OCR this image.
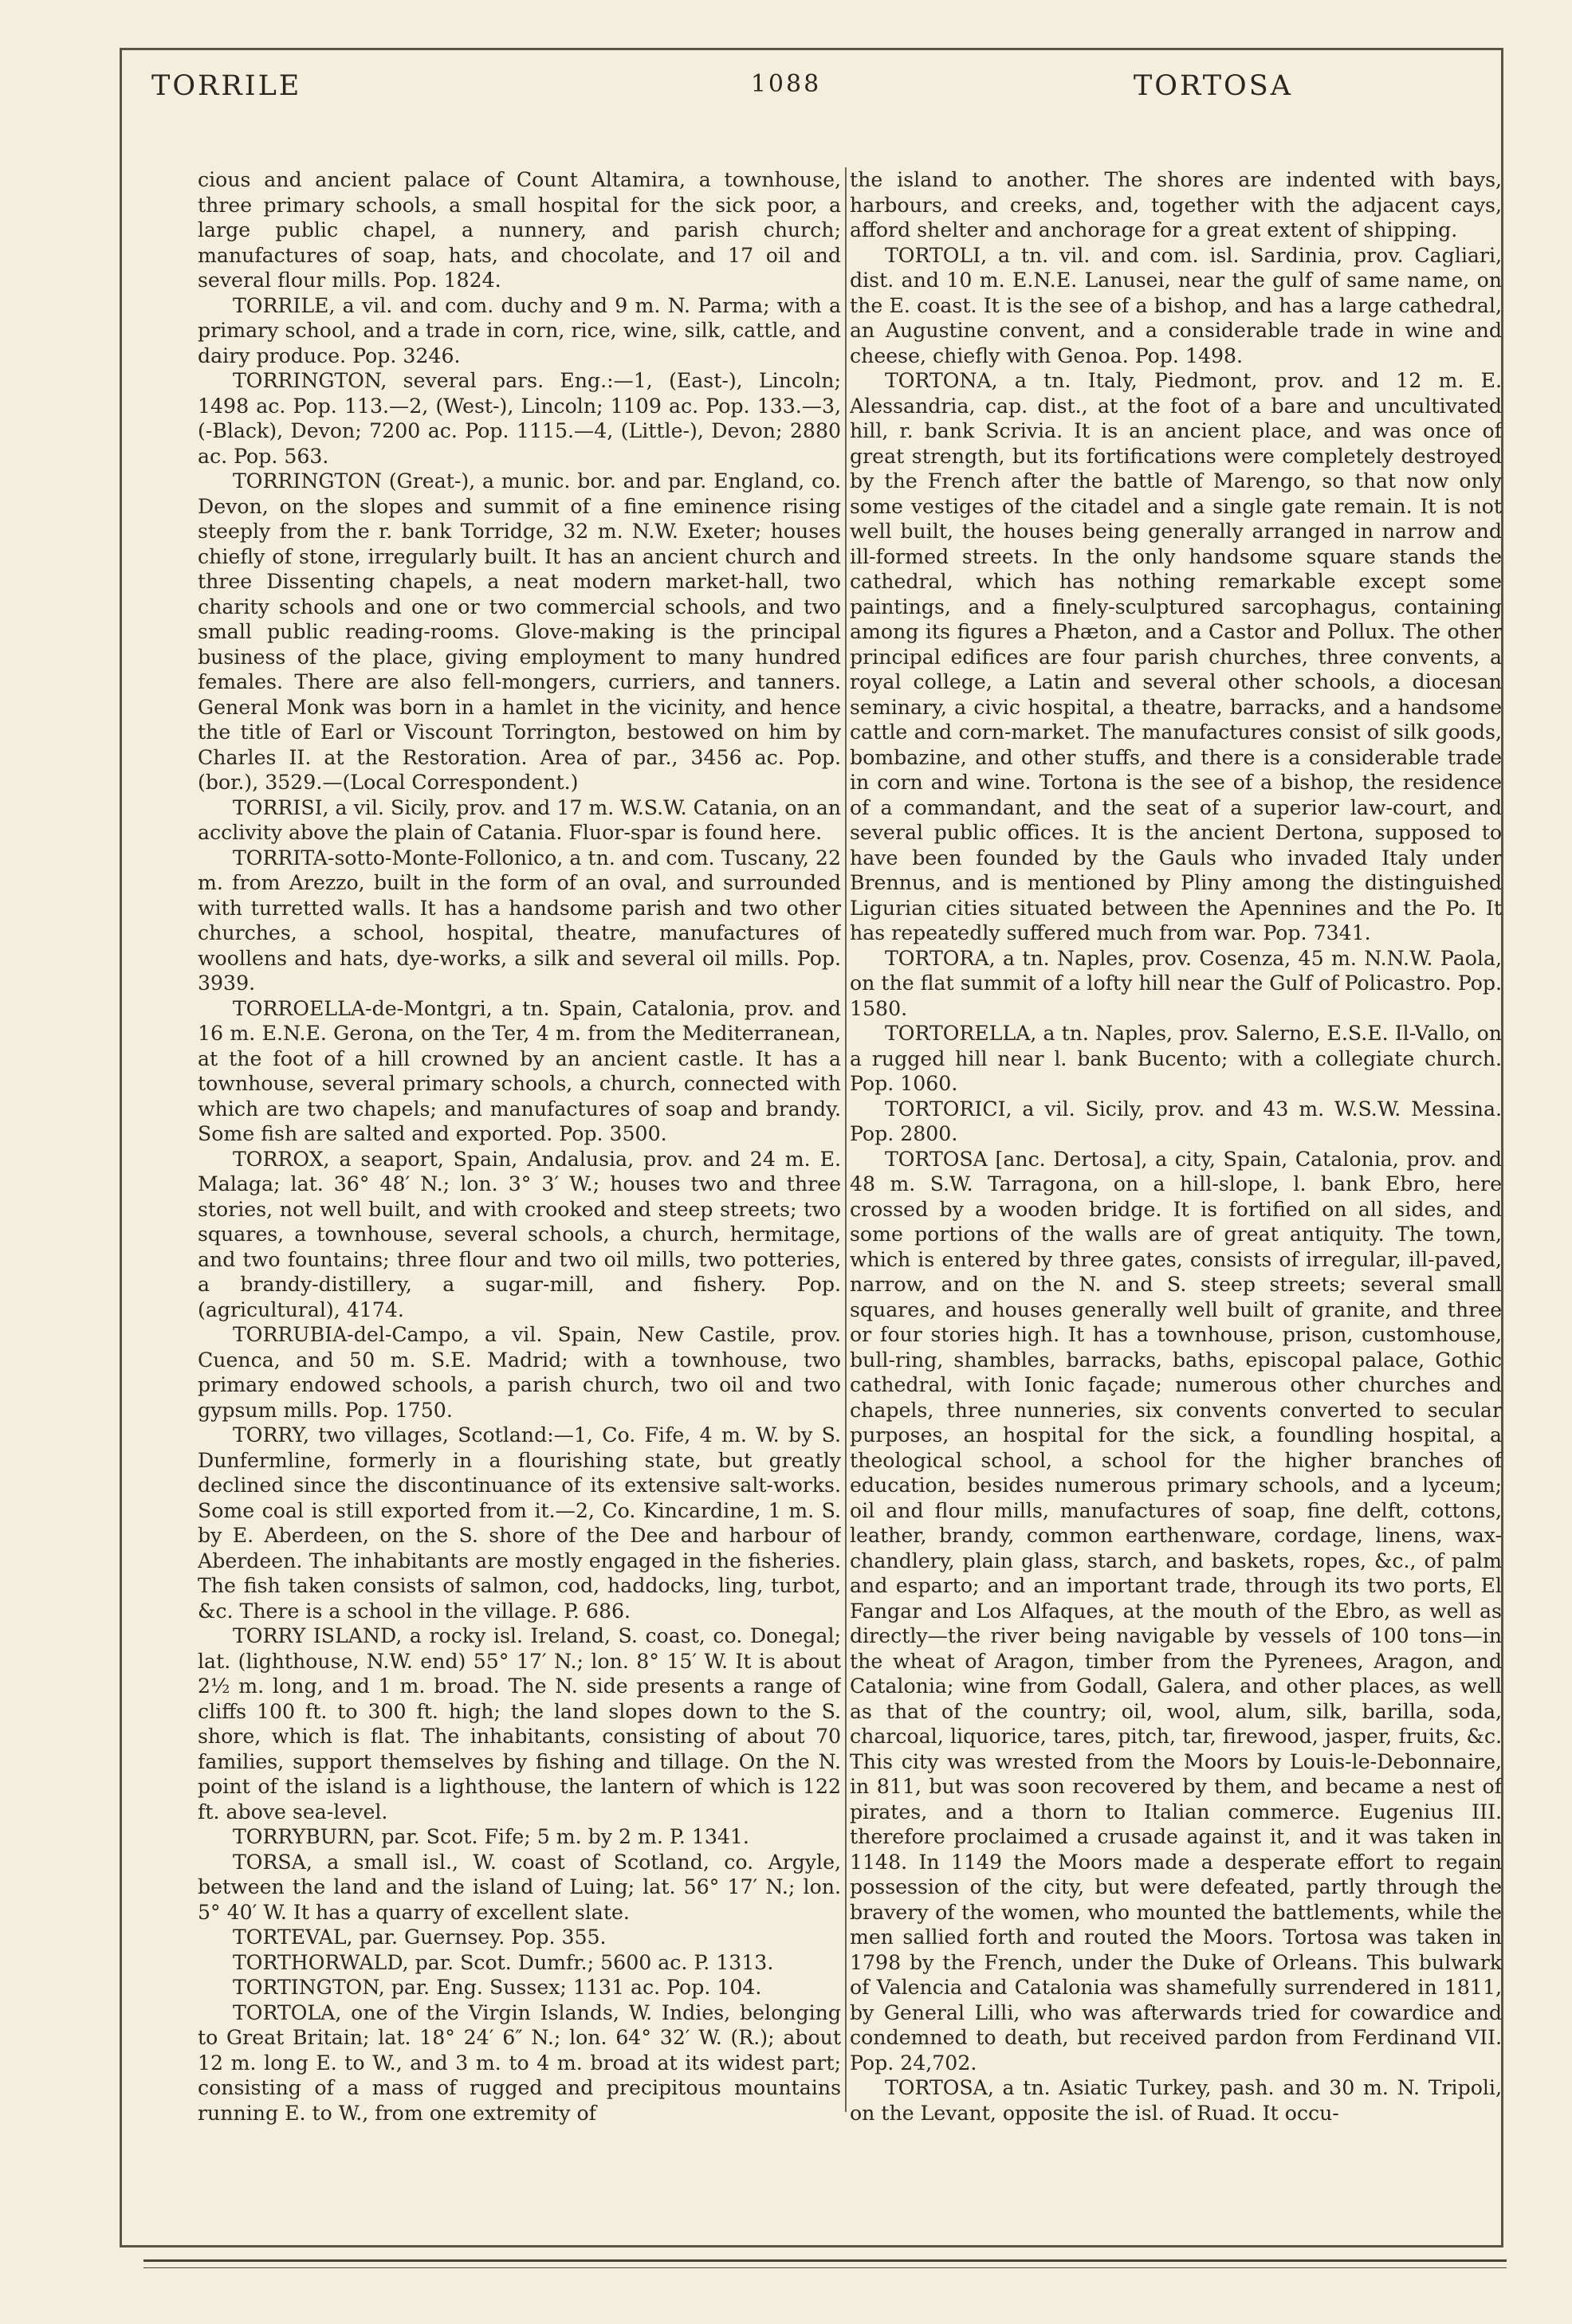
TORRILE	1088	TORTOSA

cious and ancient palace of Count Altamira, a townhouse, three primary schools, a small hospital for the sick poor, a large public chapel, a nunnery, and parish church; manufactures of soap, hats, and chocolate, and 17 oil and several flour mills. Pop. 1824.

TORRILE, a vil. and com. duchy and 9 m. N. Parma; with a primary school, and a trade in corn, rice, wine, silk, cattle, and dairy produce. Pop. 3246.

TORRINGTON, several pars. Eng.:—1, (East-), Lincoln; 1498 ac. Pop. 113.—2, (West-), Lincoln; 1109 ac. Pop. 133.—3, (-Black), Devon; 7200 ac. Pop. 1115.—4, (Little-), Devon; 2880 ac. Pop. 563.

TORRINGTON (Great-), a munic. bor. and par. England, co. Devon, on the slopes and summit of a fine eminence rising steeply from the r. bank Torridge, 32 m. N.W. Exeter; houses chiefly of stone, irregularly built. It has an ancient church and three Dissenting chapels, a neat modern market-hall, two charity schools and one or two commercial schools, and two small public reading-rooms. Glove-making is the principal business of the place, giving employment to many hundred females. There are also fell-mongers, curriers, and tanners. General Monk was born in a hamlet in the vicinity, and hence the title of Earl or Viscount Torrington, bestowed on him by Charles II. at the Restoration. Area of par., 3456 ac. Pop. (bor.), 3529.—(Local Correspondent.)

TORRISI, a vil. Sicily, prov. and 17 m. W.S.W. Catania, on an acclivity above the plain of Catania. Fluor-spar is found here.

TORRITA-sotto-Monte-Follonico, a tn. and com. Tuscany, 22 m. from Arezzo, built in the form of an oval, and surrounded with turretted walls. It has a handsome parish and two other churches, a school, hospital, theatre, manufactures of woollens and hats, dye-works, a silk and several oil mills. Pop. 3939.

TORROELLA-de-Montgri, a tn. Spain, Catalonia, prov. and 16 m. E.N.E. Gerona, on the Ter, 4 m. from the Mediterranean, at the foot of a hill crowned by an ancient castle. It has a townhouse, several primary schools, a church, connected with which are two chapels; and manufactures of soap and brandy. Some fish are salted and exported. Pop. 3500.

TORROX, a seaport, Spain, Andalusia, prov. and 24 m. E. Malaga; lat. 36° 48′ N.; lon. 3° 3′ W.; houses two and three stories, not well built, and with crooked and steep streets; two squares, a townhouse, several schools, a church, hermitage, and two fountains; three flour and two oil mills, two potteries, a brandy-distillery, a sugar-mill, and fishery. Pop. (agricultural), 4174.

TORRUBIA-del-Campo, a vil. Spain, New Castile, prov. Cuenca, and 50 m. S.E. Madrid; with a townhouse, two primary endowed schools, a parish church, two oil and two gypsum mills. Pop. 1750.

TORRY, two villages, Scotland:—1, Co. Fife, 4 m. W. by S. Dunfermline, formerly in a flourishing state, but greatly declined since the discontinuance of its extensive salt-works. Some coal is still exported from it.—2, Co. Kincardine, 1 m. S. by E. Aberdeen, on the S. shore of the Dee and harbour of Aberdeen. The inhabitants are mostly engaged in the fisheries. The fish taken consists of salmon, cod, haddocks, ling, turbot, &c. There is a school in the village. P. 686.

TORRY ISLAND, a rocky isl. Ireland, S. coast, co. Donegal; lat. (lighthouse, N.W. end) 55° 17′ N.; lon. 8° 15′ W. It is about 2½ m. long, and 1 m. broad. The N. side presents a range of cliffs 100 ft. to 300 ft. high; the land slopes down to the S. shore, which is flat. The inhabitants, consisting of about 70 families, support themselves by fishing and tillage. On the N. point of the island is a lighthouse, the lantern of which is 122 ft. above sea-level.

TORRYBURN, par. Scot. Fife; 5 m. by 2 m. P. 1341.

TORSA, a small isl., W. coast of Scotland, co. Argyle, between the land and the island of Luing; lat. 56° 17′ N.; lon. 5° 40′ W. It has a quarry of excellent slate.

TORTEVAL, par. Guernsey. Pop. 355.

TORTHORWALD, par. Scot. Dumfr.; 5600 ac. P. 1313.

TORTINGTON, par. Eng. Sussex; 1131 ac. Pop. 104.

TORTOLA, one of the Virgin Islands, W. Indies, belonging to Great Britain; lat. 18° 24′ 6″ N.; lon. 64° 32′ W. (R.); about 12 m. long E. to W., and 3 m. to 4 m. broad at its widest part; consisting of a mass of rugged and precipitous mountains running E. to W., from one extremity of

the island to another. The shores are indented with bays, harbours, and creeks, and, together with the adjacent cays, afford shelter and anchorage for a great extent of shipping.

TORTOLI, a tn. vil. and com. isl. Sardinia, prov. Cagliari, dist. and 10 m. E.N.E. Lanusei, near the gulf of same name, on the E. coast. It is the see of a bishop, and has a large cathedral, an Augustine convent, and a considerable trade in wine and cheese, chiefly with Genoa. Pop. 1498.

TORTONA, a tn. Italy, Piedmont, prov. and 12 m. E. Alessandria, cap. dist., at the foot of a bare and uncultivated hill, r. bank Scrivia. It is an ancient place, and was once of great strength, but its fortifications were completely destroyed by the French after the battle of Marengo, so that now only some vestiges of the citadel and a single gate remain. It is not well built, the houses being generally arranged in narrow and ill-formed streets. In the only handsome square stands the cathedral, which has nothing remarkable except some paintings, and a finely-sculptured sarcophagus, containing among its figures a Phæton, and a Castor and Pollux. The other principal edifices are four parish churches, three convents, a royal college, a Latin and several other schools, a diocesan seminary, a civic hospital, a theatre, barracks, and a handsome cattle and corn-market. The manufactures consist of silk goods, bombazine, and other stuffs, and there is a considerable trade in corn and wine. Tortona is the see of a bishop, the residence of a commandant, and the seat of a superior law-court, and several public offices. It is the ancient Dertona, supposed to have been founded by the Gauls who invaded Italy under Brennus, and is mentioned by Pliny among the distinguished Ligurian cities situated between the Apennines and the Po. It has repeatedly suffered much from war. Pop. 7341.

TORTORA, a tn. Naples, prov. Cosenza, 45 m. N.N.W. Paola, on the flat summit of a lofty hill near the Gulf of Policastro. Pop. 1580.

TORTORELLA, a tn. Naples, prov. Salerno, E.S.E. Il-Vallo, on a rugged hill near l. bank Bucento; with a collegiate church. Pop. 1060.

TORTORICI, a vil. Sicily, prov. and 43 m. W.S.W. Messina. Pop. 2800.

TORTOSA [anc. Dertosa], a city, Spain, Catalonia, prov. and 48 m. S.W. Tarragona, on a hill-slope, l. bank Ebro, here crossed by a wooden bridge. It is fortified on all sides, and some portions of the walls are of great antiquity. The town, which is entered by three gates, consists of irregular, ill-paved, narrow, and on the N. and S. steep streets; several small squares, and houses generally well built of granite, and three or four stories high. It has a townhouse, prison, customhouse, bull-ring, shambles, barracks, baths, episcopal palace, Gothic cathedral, with Ionic façade; numerous other churches and chapels, three nunneries, six convents converted to secular purposes, an hospital for the sick, a foundling hospital, a theological school, a school for the higher branches of education, besides numerous primary schools, and a lyceum; oil and flour mills, manufactures of soap, fine delft, cottons, leather, brandy, common earthenware, cordage, linens, wax-chandlery, plain glass, starch, and baskets, ropes, &c., of palm and esparto; and an important trade, through its two ports, El Fangar and Los Alfaques, at the mouth of the Ebro, as well as directly—the river being navigable by vessels of 100 tons—in the wheat of Aragon, timber from the Pyrenees, Aragon, and Catalonia; wine from Godall, Galera, and other places, as well as that of the country; oil, wool, alum, silk, barilla, soda, charcoal, liquorice, tares, pitch, tar, firewood, jasper, fruits, &c. This city was wrested from the Moors by Louis-le-Debonnaire, in 811, but was soon recovered by them, and became a nest of pirates, and a thorn to Italian commerce. Eugenius III. therefore proclaimed a crusade against it, and it was taken in 1148. In 1149 the Moors made a desperate effort to regain possession of the city, but were defeated, partly through the bravery of the women, who mounted the battlements, while the men sallied forth and routed the Moors. Tortosa was taken in 1798 by the French, under the Duke of Orleans. This bulwark of Valencia and Catalonia was shamefully surrendered in 1811, by General Lilli, who was afterwards tried for cowardice and condemned to death, but received pardon from Ferdinand VII. Pop. 24,702.

TORTOSA, a tn. Asiatic Turkey, pash. and 30 m. N. Tripoli, on the Levant, opposite the isl. of Ruad. It occu-
